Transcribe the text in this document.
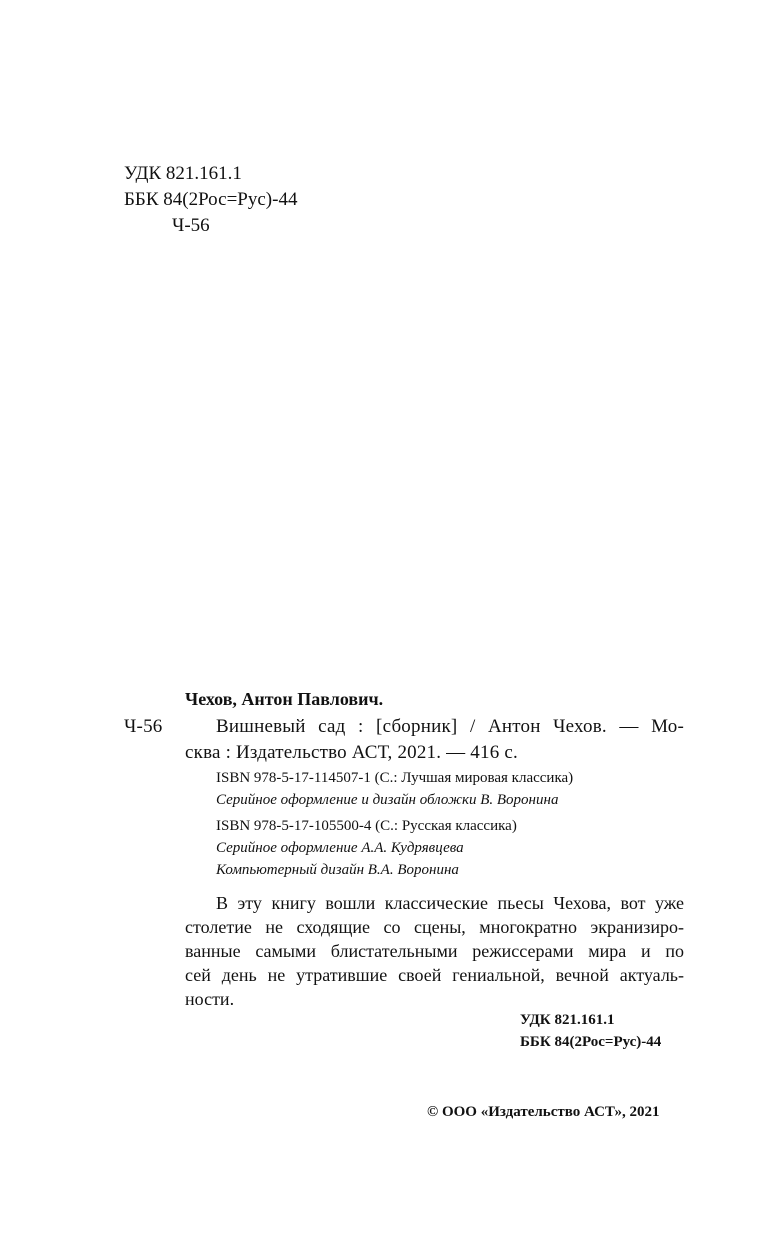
УДК 821.161.1
ББК 84(2Рос=Рус)-44
Ч-56
Чехов, Антон Павлович.
Ч-56	Вишневый сад : [сборник] / Антон Чехов. — Мо-
сква : Издательство АСТ, 2021. — 416 с.
ISBN 978-5-17-114507-1 (С.: Лучшая мировая классика)
Серийное оформление и дизайн обложки В. Воронина
ISBN 978-5-17-105500-4 (С.: Русская классика)
Серийное оформление А.А. Кудрявцева
Компьютерный дизайн В.А. Воронина
В эту книгу вошли классические пьесы Чехова, вот уже
столетие не сходящие со сцены, многократно экранизиро-
ванные самыми блистательными режиссерами мира и по
сей день не утратившие своей гениальной, вечной актуаль-
ности.
УДК 821.161.1
ББК 84(2Рос=Рус)-44
© ООО «Издательство АСТ», 2021
